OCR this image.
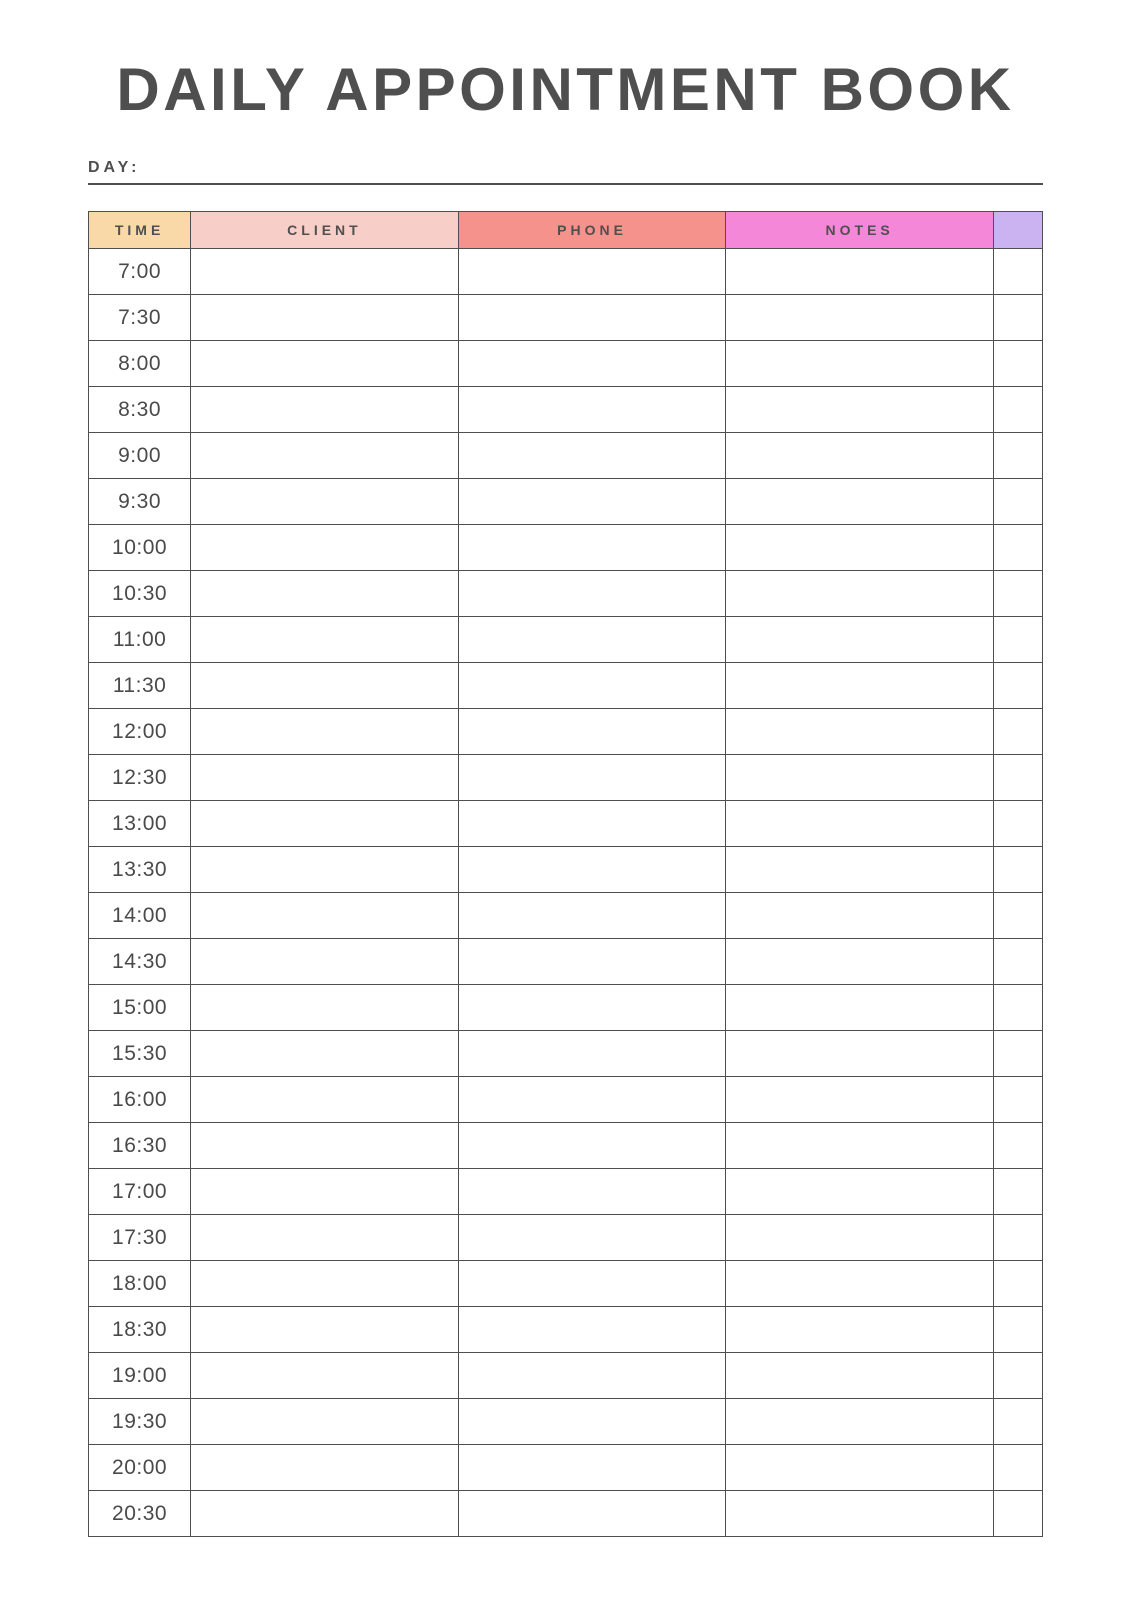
DAILY APPOINTMENT BOOK
DAY:
TIME	CLIENT	PHONE	NOTES	
7:00				
7:30				
8:00				
8:30				
9:00				
9:30				
10:00				
10:30				
11:00				
11:30				
12:00				
12:30				
13:00				
13:30				
14:00				
14:30				
15:00				
15:30				
16:00				
16:30				
17:00				
17:30				
18:00				
18:30				
19:00				
19:30				
20:00				
20:30				
